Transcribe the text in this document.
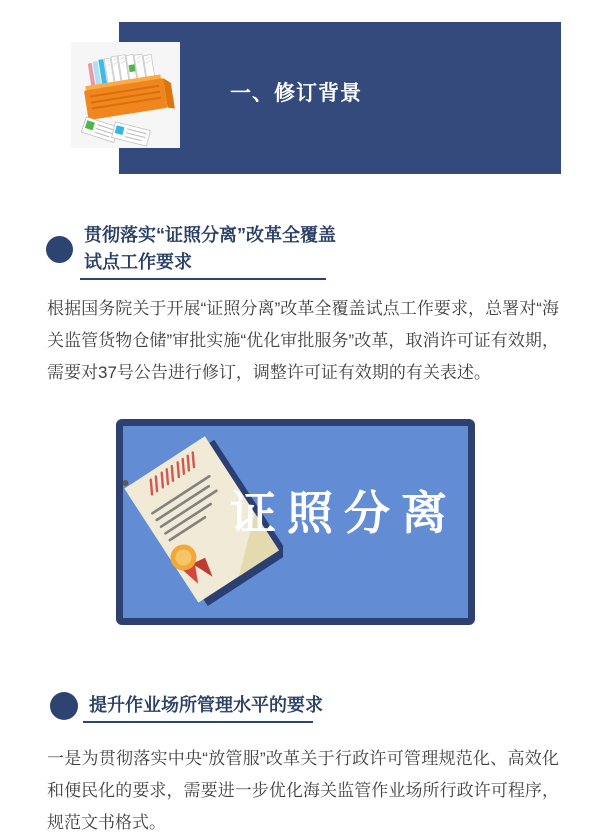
一、修订背景
贯彻落实“证照分离”改革全覆盖
试点工作要求

根据国务院关于开展“证照分离”改革全覆盖试点工作要求，总署对“海关监管货物仓储”审批实施“优化审批服务”改革，取消许可证有效期，需要对37号公告进行修订，调整许可证有效期的有关表述。

证照分离
提升作业场所管理水平的要求

一是为贯彻落实中央“放管服”改革关于行政许可管理规范化、高效化和便民化的要求，需要进一步优化海关监管作业场所行政许可程序，规范文书格式。
